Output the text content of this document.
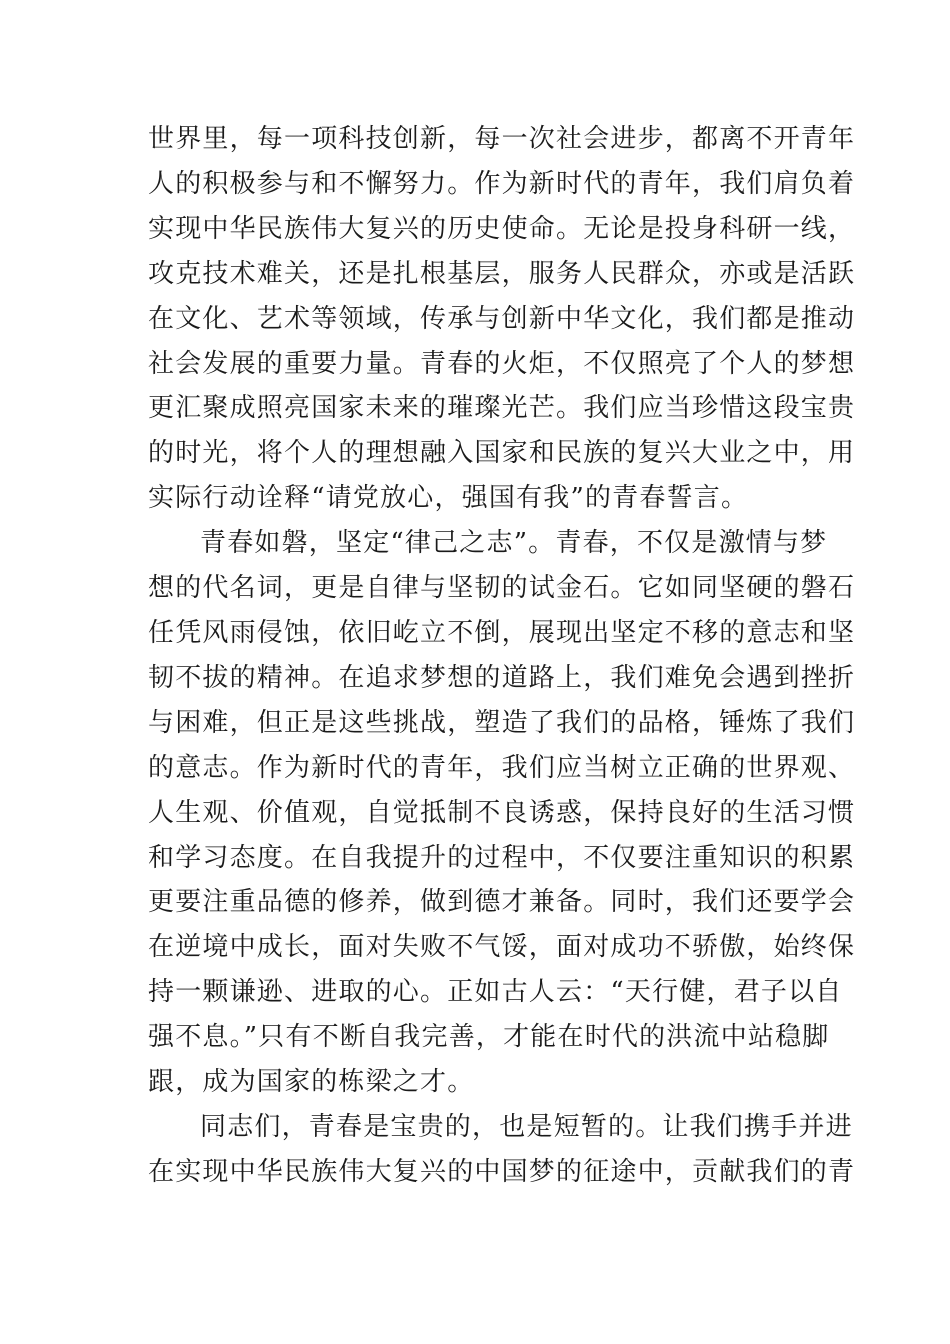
世界里，每一项科技创新，每一次社会进步，都离不开青年
人的积极参与和不懈努力。作为新时代的青年，我们肩负着
实现中华民族伟大复兴的历史使命。无论是投身科研一线，
攻克技术难关，还是扎根基层，服务人民群众，亦或是活跃
在文化、艺术等领域，传承与创新中华文化，我们都是推动
社会发展的重要力量。青春的火炬，不仅照亮了个人的梦想
更汇聚成照亮国家未来的璀璨光芒。我们应当珍惜这段宝贵
的时光，将个人的理想融入国家和民族的复兴大业之中，用
实际行动诠释“请党放心，强国有我”的青春誓言。
青春如磐，坚定“律己之志”。青春，不仅是激情与梦
想的代名词，更是自律与坚韧的试金石。它如同坚硬的磐石
任凭风雨侵蚀，依旧屹立不倒，展现出坚定不移的意志和坚
韧不拔的精神。在追求梦想的道路上，我们难免会遇到挫折
与困难，但正是这些挑战，塑造了我们的品格，锤炼了我们
的意志。作为新时代的青年，我们应当树立正确的世界观、
人生观、价值观，自觉抵制不良诱惑，保持良好的生活习惯
和学习态度。在自我提升的过程中，不仅要注重知识的积累
更要注重品德的修养，做到德才兼备。同时，我们还要学会
在逆境中成长，面对失败不气馁，面对成功不骄傲，始终保
持一颗谦逊、进取的心。正如古人云：“天行健，君子以自
强不息。”只有不断自我完善，才能在时代的洪流中站稳脚
跟，成为国家的栋梁之才。
同志们，青春是宝贵的，也是短暂的。让我们携手并进
在实现中华民族伟大复兴的中国梦的征途中，贡献我们的青
